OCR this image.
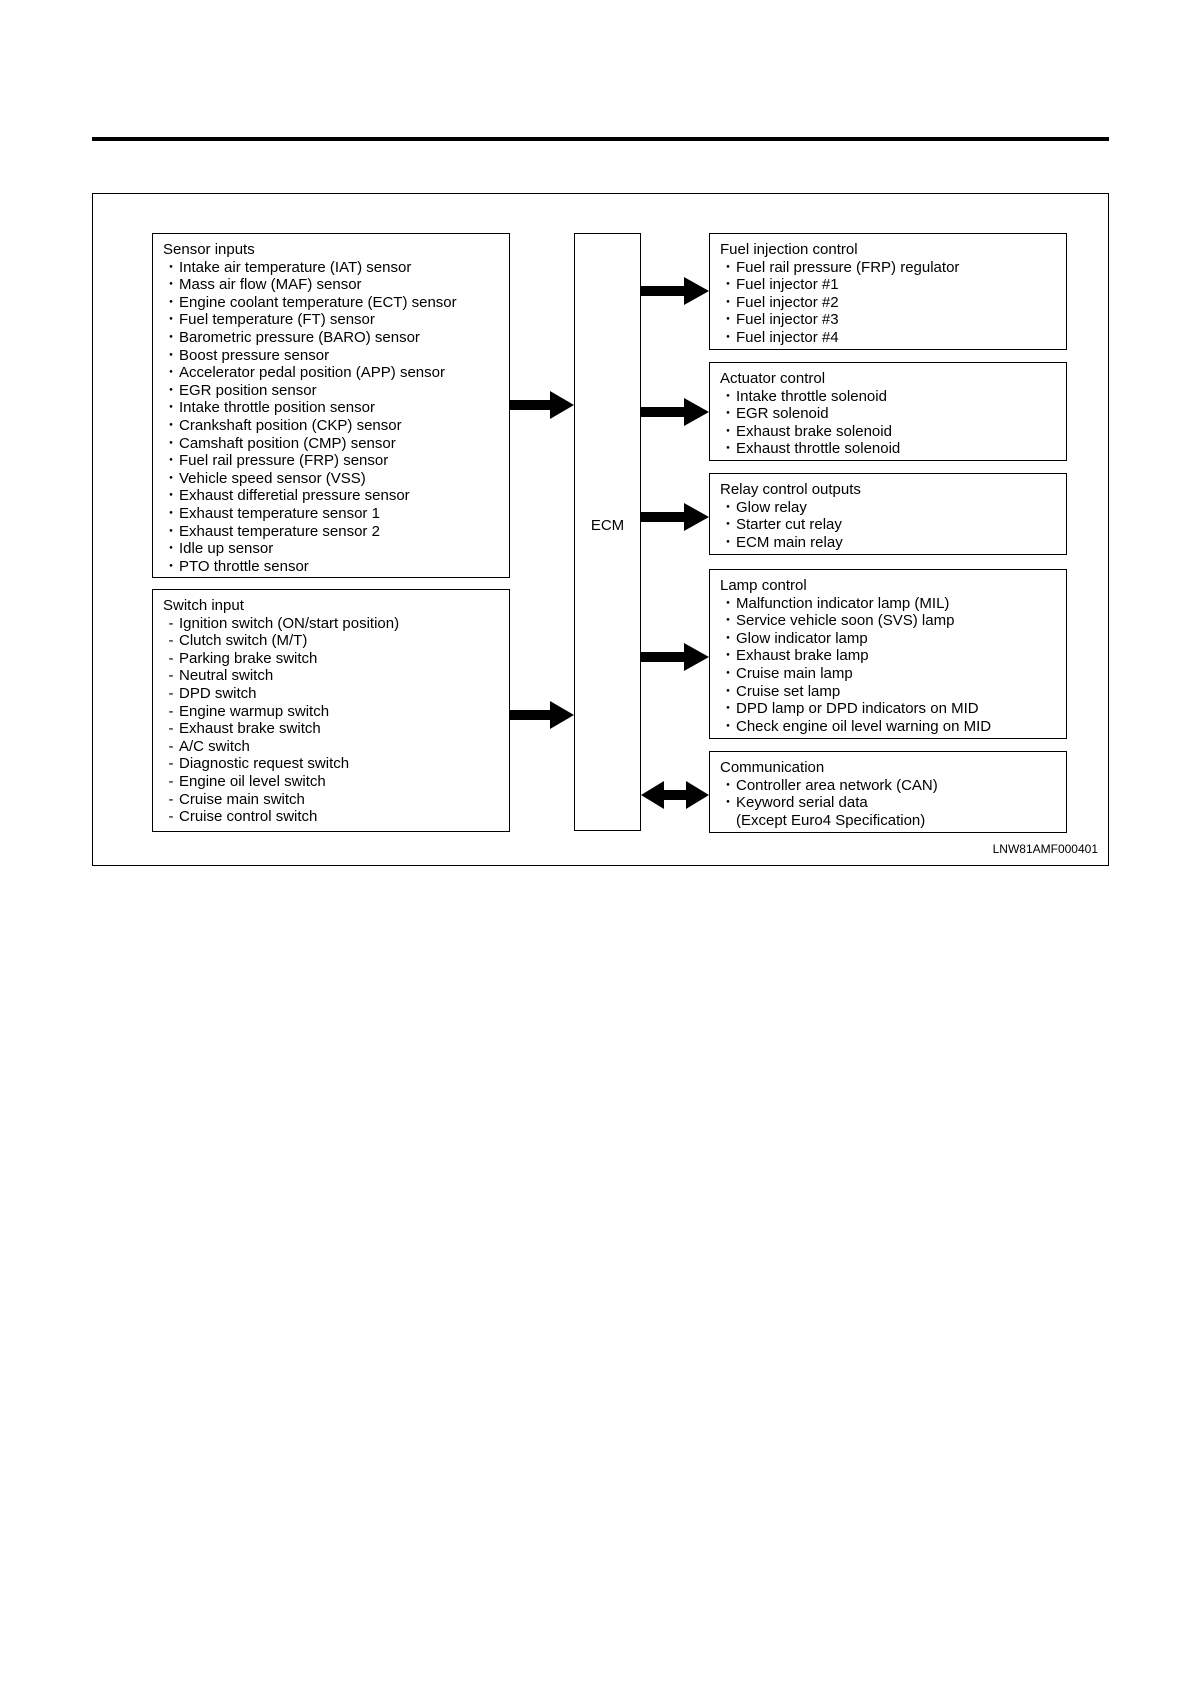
Sensor inputs
・Intake air temperature (IAT) sensor
・Mass air flow (MAF) sensor
・Engine coolant temperature (ECT) sensor
・Fuel temperature (FT) sensor
・Barometric pressure (BARO) sensor
・Boost pressure sensor
・Accelerator pedal position (APP) sensor
・EGR position sensor
・Intake throttle position sensor
・Crankshaft position (CKP) sensor
・Camshaft position (CMP) sensor
・Fuel rail pressure (FRP) sensor
・Vehicle speed sensor (VSS)
・Exhaust differetial pressure sensor
・Exhaust temperature sensor 1
・Exhaust temperature sensor 2
・Idle up sensor
・PTO throttle sensor
Switch input
- Ignition switch (ON/start position)
- Clutch switch (M/T)
- Parking brake switch
- Neutral switch
- DPD switch
- Engine warmup switch
- Exhaust brake switch
- A/C switch
- Diagnostic request switch
- Engine oil level switch
- Cruise main switch
- Cruise control switch
ECM
Fuel injection control
・Fuel rail pressure (FRP) regulator
・Fuel injector #1
・Fuel injector #2
・Fuel injector #3
・Fuel injector #4
Actuator control
・Intake throttle solenoid
・EGR solenoid
・Exhaust brake solenoid
・Exhaust throttle solenoid
Relay control outputs
・Glow relay
・Starter cut relay
・ECM main relay
Lamp control
・Malfunction indicator lamp (MIL)
・Service vehicle soon (SVS) lamp
・Glow indicator lamp
・Exhaust brake lamp
・Cruise main lamp
・Cruise set lamp
・DPD lamp or DPD indicators on MID
・Check engine oil level warning on MID
Communication
・Controller area network (CAN)
・Keyword serial data
(Except Euro4 Specification)
LNW81AMF000401
